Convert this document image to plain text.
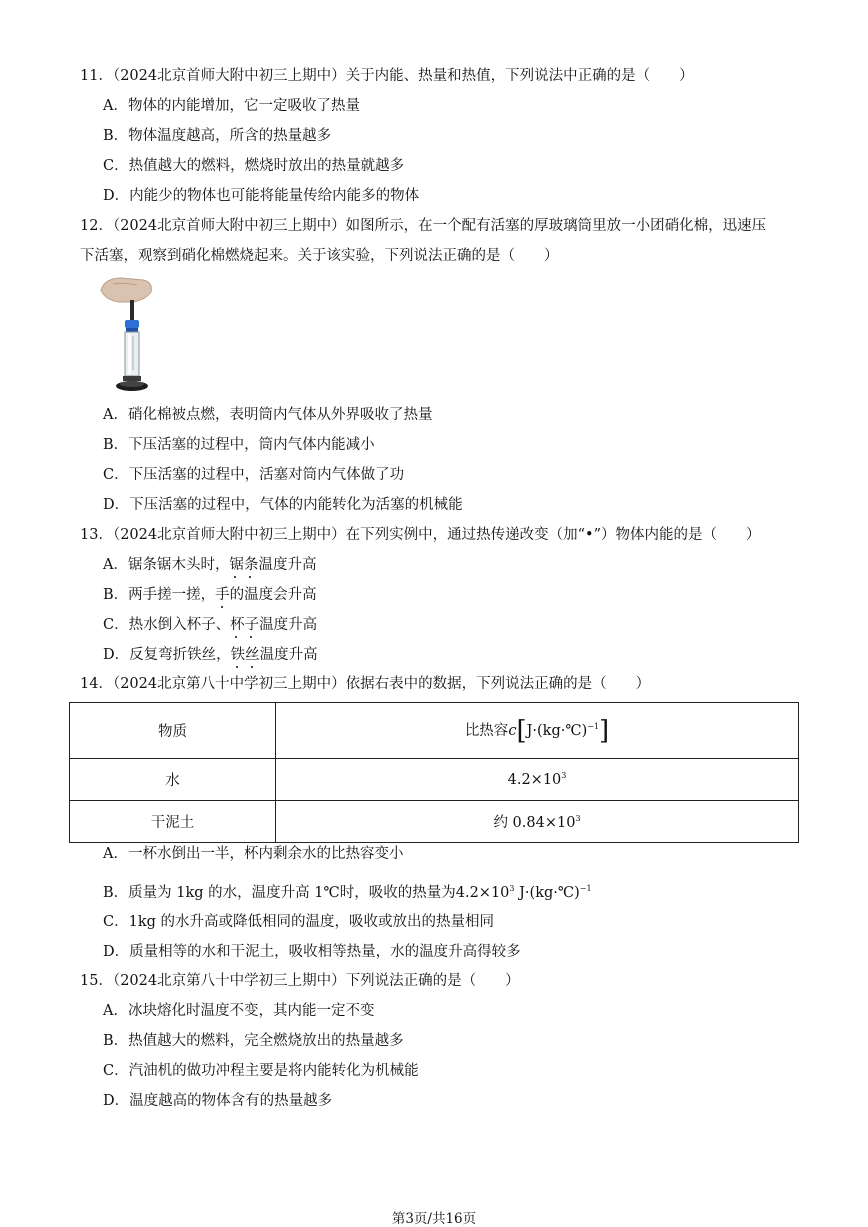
11．（2024北京首师大附中初三上期中）关于内能、热量和热值，下列说法中正确的是（　　）
A．物体的内能增加，它一定吸收了热量
B．物体温度越高，所含的热量越多
C．热值越大的燃料，燃烧时放出的热量就越多
D．内能少的物体也可能将能量传给内能多的物体
12．（2024北京首师大附中初三上期中）如图所示，在一个配有活塞的厚玻璃筒里放一小团硝化棉，迅速压
下活塞，观察到硝化棉燃烧起来。关于该实验，下列说法正确的是（　　）
A．硝化棉被点燃，表明筒内气体从外界吸收了热量
B．下压活塞的过程中，筒内气体内能减小
C．下压活塞的过程中，活塞对筒内气体做了功
D．下压活塞的过程中，气体的内能转化为活塞的机械能
13．（2024北京首师大附中初三上期中）在下列实例中，通过热传递改变（加“•”）物体内能的是（　　）
A．锯条锯木头时，锯条
温度升高
B．两手搓一搓，手
的温度会升高
C．热水倒入杯子、杯子
温度升高
D．反复弯折铁丝，铁丝
温度升高
14．（2024北京第八十中学初三上期中）依据右表中的数据，下列说法正确的是（　　）
物质	比热容c[J·(kg·℃)$^{-1}$]
水	$4.2\times 10^3$
干泥土	约 $0.84\times 10^3$
A．一杯水倒出一半，杯内剩余水的比热容变小
B．质量为 1kg 的水，温度升高 1℃时，吸收的热量为$4.2\times 10^3$ J·(kg·℃)$^{-1}$
C．1kg 的水升高或降低相同的温度，吸收或放出的热量相同
D．质量相等的水和干泥土，吸收相等热量，水的温度升高得较多
15．（2024北京第八十中学初三上期中）下列说法正确的是（　　）
A．冰块熔化时温度不变，其内能一定不变
B．热值越大的燃料，完全燃烧放出的热量越多
C．汽油机的做功冲程主要是将内能转化为机械能
D．温度越高的物体含有的热量越多
第3页/共16页
